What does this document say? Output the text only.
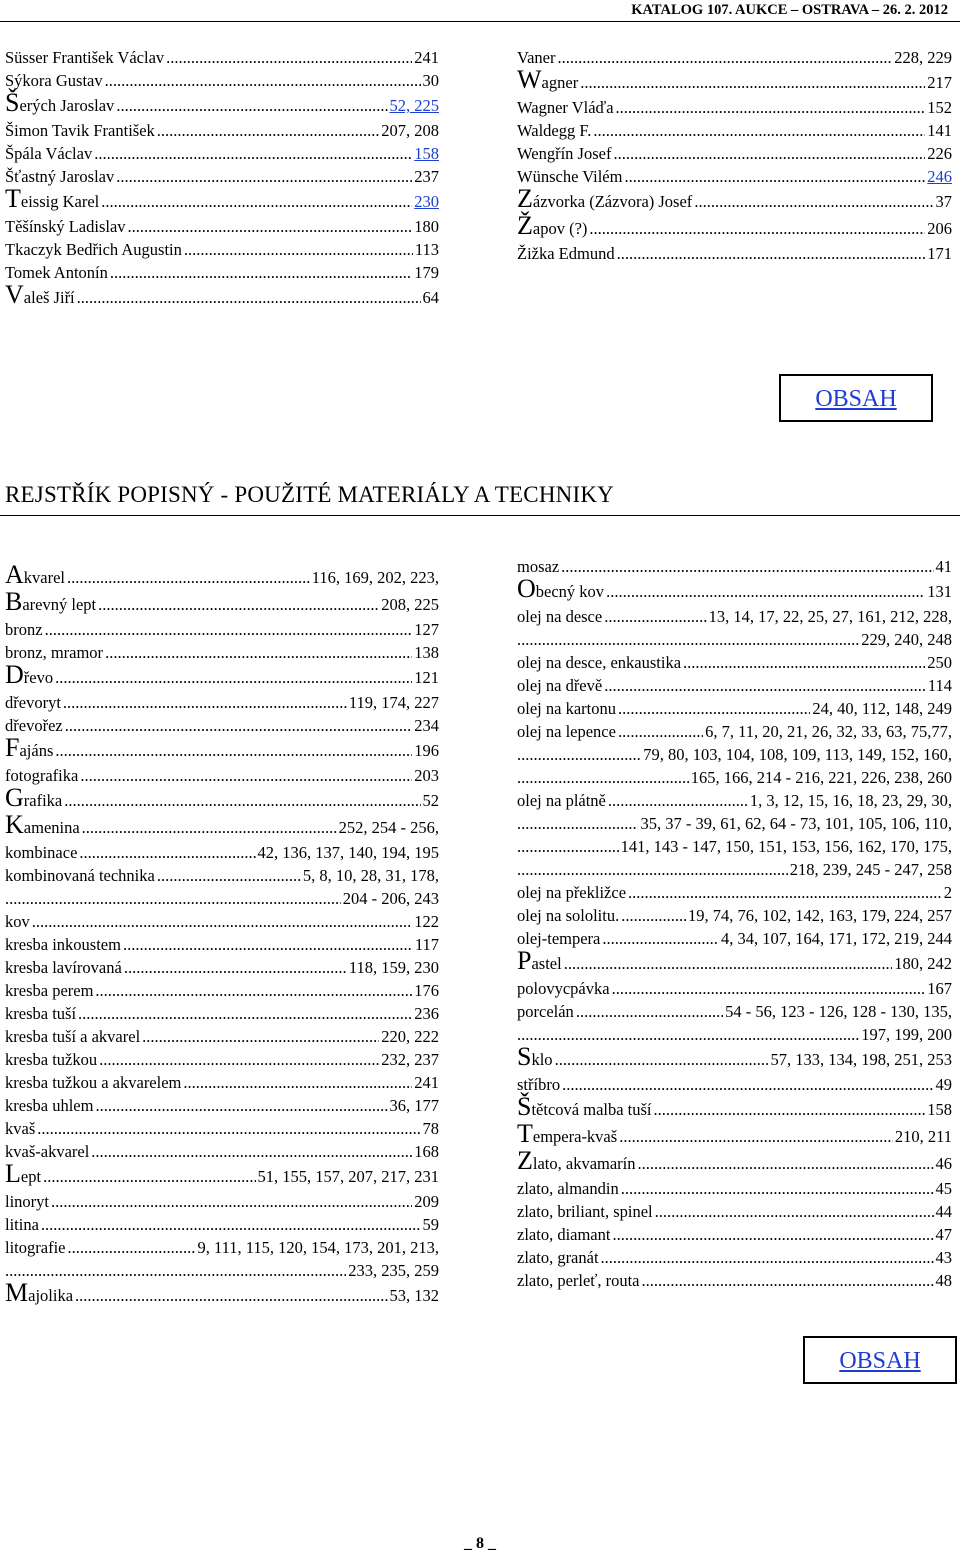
KATALOG 107. AUKCE – OSTRAVA – 26. 2. 2012
Süsser František Václav .....	241
Sýkora Gustav .....	30
Šerých Jaroslav .....	52, 225
Šimon Tavik František .....	207, 208
Špála Václav .....	158
Šťastný Jaroslav .....	237
Teissig Karel .....	230
Těšínský Ladislav .....	180
Tkaczyk Bedřich Augustin .....	113
Tomek Antonín .....	179
Valeš Jiří .....	64
Vaner .....	228, 229
Wagner .....	217
Wagner Vláďa .....	152
Waldegg F. .....	141
Wengřín Josef .....	226
Wünsche Vilém .....	246
Zázvorka (Zázvora) Josef .....	37
Žapov (?) .....	206
Žižka Edmund .....	171
OBSAH
REJSTŘÍK POPISNÝ - POUŽITÉ MATERIÁLY A TECHNIKY
Akvarel .....	116, 169, 202, 223,
Barevný lept .....	208, 225
bronz .....	127
bronz, mramor .....	138
Dřevo .....	121
dřevoryt .....	119, 174, 227
dřevořez .....	234
Fajáns .....	196
fotografika .....	203
Grafika .....	52
Kamenina .....	252, 254 - 256,
kombinace .....	42, 136, 137, 140, 194, 195
kombinovaná technika .....	5, 8, 10, 28, 31, 178,
.....
204 - 206, 243
kov .....	122
kresba inkoustem .....	117
kresba lavírovaná .....	118, 159, 230
kresba perem .....	176
kresba tuší .....	236
kresba tuší a akvarel .....	220, 222
kresba tužkou .....	232, 237
kresba tužkou a akvarelem .....	241
kresba uhlem .....	36, 177
kvaš .....	78
kvaš-akvarel .....	168
Lept .....	51, 155, 157, 207, 217, 231
linoryt .....	209
litina .....	59
litografie .....	9, 111, 115, 120, 154, 173, 201, 213,
.....
233, 235, 259
Majolika .....	53, 132
mosaz .....	41
Obecný kov .....	131
olej na desce .....	13, 14, 17, 22, 25, 27, 161, 212, 228,
.....
229, 240, 248
olej na desce, enkaustika .....	250
olej na dřevě .....	114
olej na kartonu .....	24, 40, 112, 148, 249
olej na lepence .....	6, 7, 11, 20, 21, 26, 32, 33, 63, 75,77,
.....
79, 80, 103, 104, 108, 109, 113, 149, 152, 160,
.....
165, 166, 214 - 216, 221, 226, 238, 260
olej na plátně .....	1, 3, 12, 15, 16, 18, 23, 29, 30,
.....
35, 37 - 39, 61, 62, 64 - 73, 101, 105, 106, 110,
.....
141, 143 - 147, 150, 151, 153, 156, 162, 170, 175,
.....
218, 239, 245 - 247, 258
olej na překližce .....	2
olej na sololitu. .....	19, 74, 76, 102, 142, 163, 179, 224, 257
olej-tempera .....	4, 34, 107, 164, 171, 172, 219, 244
Pastel .....	180, 242
polovycpávka .....	167
porcelán .....	54 - 56, 123 - 126, 128 - 130, 135,
.....
197, 199, 200
Sklo .....	57, 133, 134, 198, 251, 253
stříbro .....	49
Štětcová malba tuší .....	158
Tempera-kvaš .....	210, 211
Zlato, akvamarín .....	46
zlato, almandin .....	45
zlato, briliant, spinel .....	44
zlato, diamant .....	47
zlato, granát .....	43
zlato, perleť, routa .....	48
OBSAH
_ 8 _
